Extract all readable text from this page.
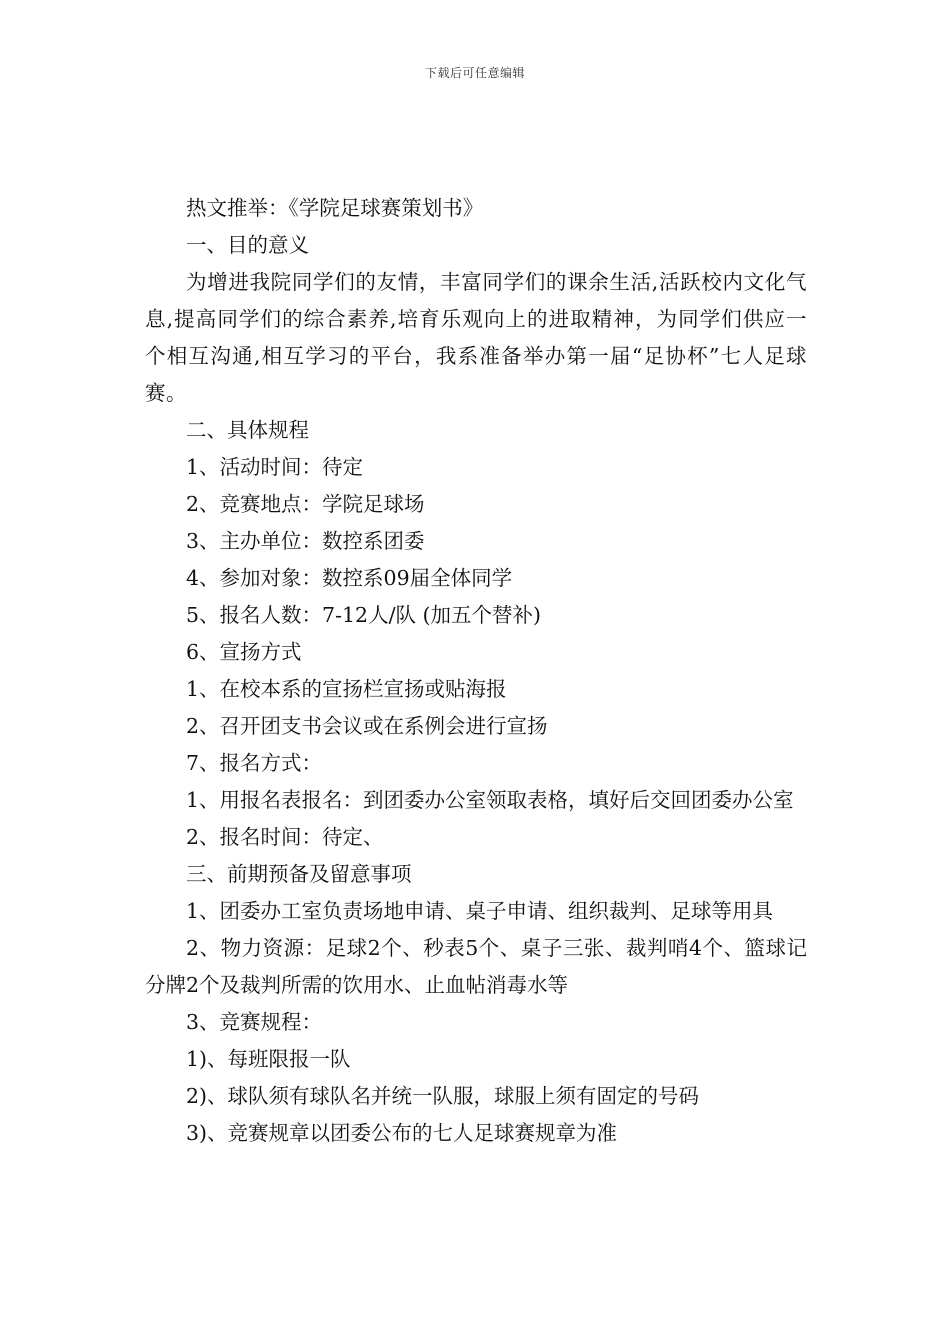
下载后可任意编辑

热文推举：《学院足球赛策划书》

一、目的意义

为增进我院同学们的友情，丰富同学们的课余生活,活跃校内文化气息,提高同学们的综合素养,培育乐观向上的进取精神，为同学们供应一个相互沟通,相互学习的平台，我系准备举办第一届“足协杯”七人足球赛。

二、具体规程

1、活动时间：待定

2、竞赛地点：学院足球场

3、主办单位：数控系团委

4、参加对象：数控系09届全体同学

5、报名人数：7-12人/队 (加五个替补)

6、宣扬方式

1、在校本系的宣扬栏宣扬或贴海报

2、召开团支书会议或在系例会进行宣扬

7、报名方式：

1、用报名表报名：到团委办公室领取表格，填好后交回团委办公室

2、报名时间：待定、

三、前期预备及留意事项

1、团委办工室负责场地申请、桌子申请、组织裁判、足球等用具

2、物力资源：足球2个、秒表5个、桌子三张、裁判哨4个、篮球记分牌2个及裁判所需的饮用水、止血帖消毒水等

3、竞赛规程：

1)、每班限报一队

2)、球队须有球队名并统一队服，球服上须有固定的号码

3)、竞赛规章以团委公布的七人足球赛规章为准
